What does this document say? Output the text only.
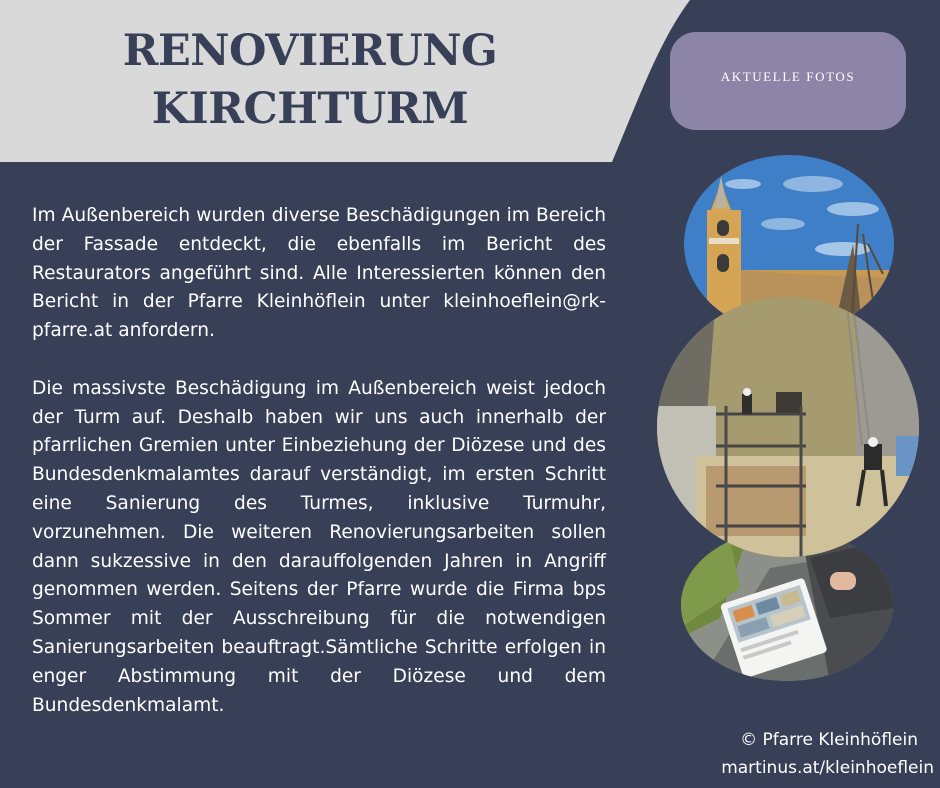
RENOVIERUNG
KIRCHTURM
AKTUELLE FOTOS

Im Außenbereich wurden diverse Beschädigungen im Bereich der Fassade entdeckt, die ebenfalls im Bericht des Restaurators angeführt sind. Alle Interessierten können den Bericht in der Pfarre Kleinhöflein unter kleinhoeflein@rk-pfarre.at anfordern.

Die massivste Beschädigung im Außenbereich weist jedoch der Turm auf. Deshalb haben wir uns auch innerhalb der pfarrlichen Gremien unter Einbeziehung der Diözese und des Bundesdenkmalamtes darauf verständigt, im ersten Schritt eine Sanierung des Turmes, inklusive Turmuhr, vorzunehmen. Die weiteren Renovierungsarbeiten sollen dann sukzessive in den darauffolgenden Jahren in Angriff genommen werden. Seitens der Pfarre wurde die Firma bps Sommer mit der Ausschreibung für die notwendigen Sanierungsarbeiten beauftragt.Sämtliche Schritte erfolgen in enger Abstimmung mit der Diözese und dem Bundesdenkmalamt.

© Pfarre Kleinhöflein
martinus.at/kleinhoeflein
